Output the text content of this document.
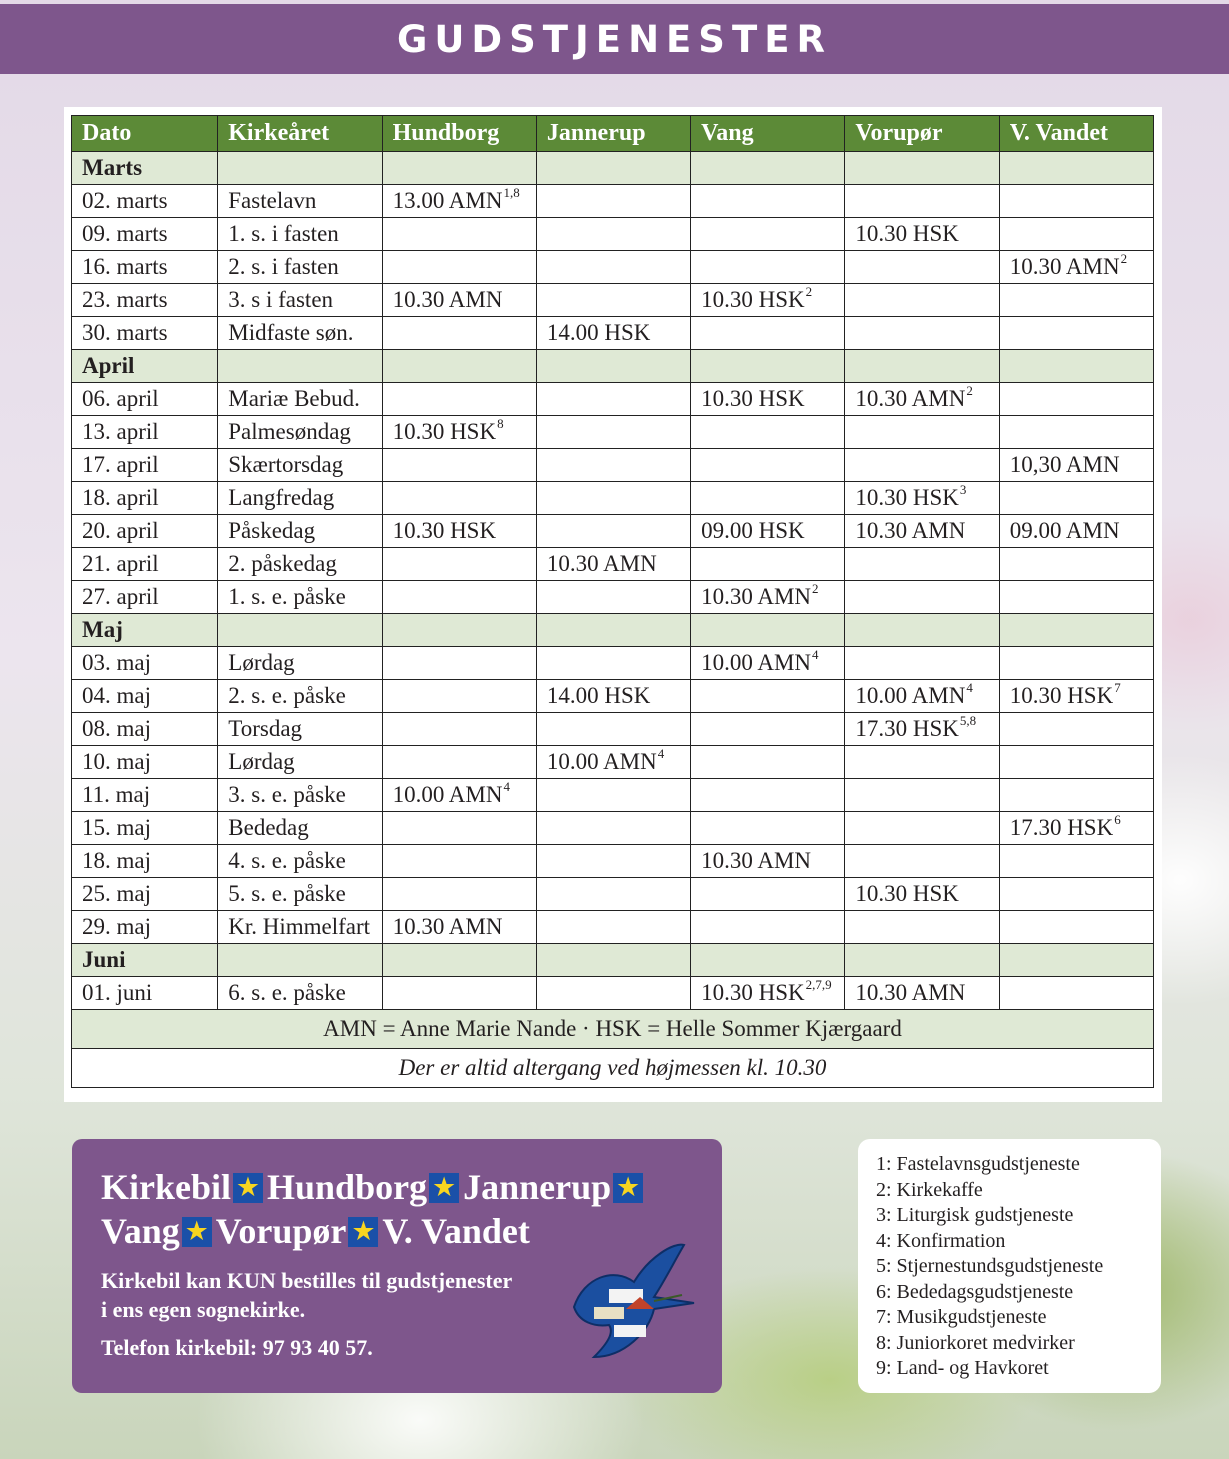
GUDSTJENESTER
Dato	Kirkeåret	Hundborg	Jannerup	Vang	Vorupør	V. Vandet
Marts						
02. marts	Fastelavn	13.00 AMN$^{1,8}$				
09. marts	1. s. i fasten				10.30 HSK	
16. marts	2. s. i fasten					10.30 AMN$^2$
23. marts	3. s i fasten	10.30 AMN		10.30 HSK$^2$		
30. marts	Midfaste søn.		14.00 HSK			
April						
06. april	Mariæ Bebud.			10.30 HSK	10.30 AMN$^2$	
13. april	Palmesøndag	10.30 HSK$^8$				
17. april	Skærtorsdag					10,30 AMN
18. april	Langfredag				10.30 HSK$^3$	
20. april	Påskedag	10.30 HSK		09.00 HSK	10.30 AMN	09.00 AMN
21. april	2. påskedag		10.30 AMN			
27. april	1. s. e. påske			10.30 AMN$^2$		
Maj						
03. maj	Lørdag			10.00 AMN$^4$		
04. maj	2. s. e. påske		14.00 HSK		10.00 AMN$^4$	10.30 HSK$^7$
08. maj	Torsdag				17.30 HSK$^{5,8}$	
10. maj	Lørdag		10.00 AMN$^4$			
11. maj	3. s. e. påske	10.00 AMN$^4$				
15. maj	Bededag					17.30 HSK$^6$
18. maj	4. s. e. påske			10.30 AMN		
25. maj	5. s. e. påske				10.30 HSK	
29. maj	Kr. Himmelfart	10.30 AMN				
Juni						
01. juni	6. s. e. påske			10.30 HSK$^{2,7,9}$	10.30 AMN	
AMN = Anne Marie Nande · HSK = Helle Sommer Kjærgaard						
Der er altid altergang ved højmessen kl. 10.30						
Kirkebil ★ Hundborg ★ Jannerup ★
Vang ★ Vorupør ★ V. Vandet
Kirkebil kan KUN bestilles til gudstjenester
i ens egen sognekirke.
Telefon kirkebil: 97 93 40 57.
1: Fastelavnsgudstjeneste
2: Kirkekaffe
3: Liturgisk gudstjeneste
4: Konfirmation
5: Stjernestundsgudstjeneste
6: Bededagsgudstjeneste
7: Musikgudstjeneste
8: Juniorkoret medvirker
9: Land- og Havkoret
